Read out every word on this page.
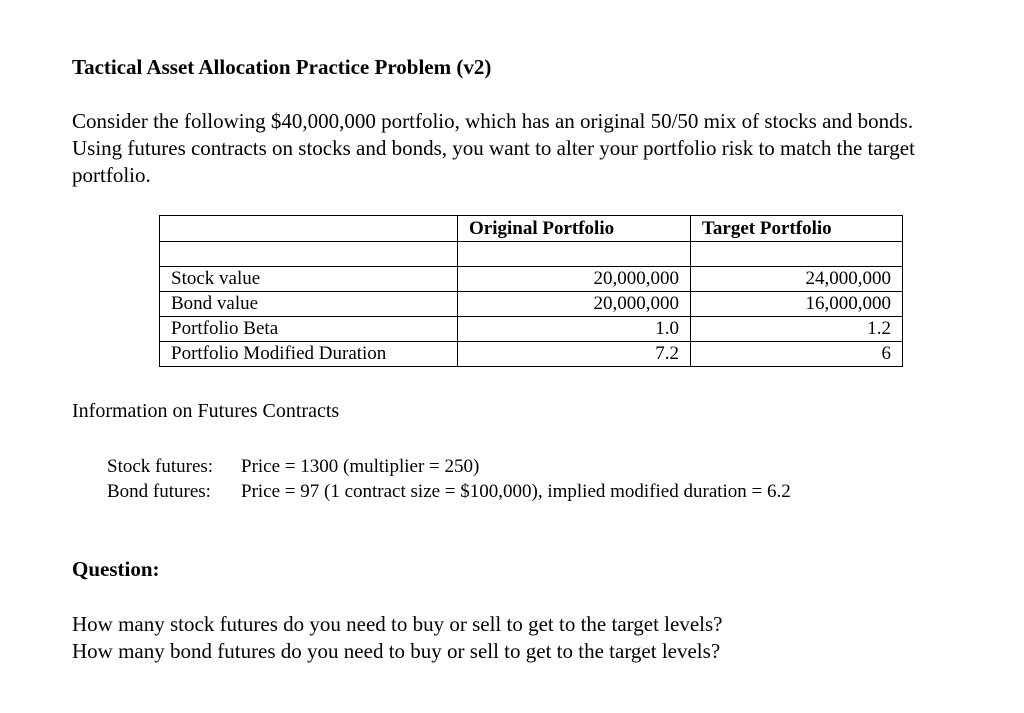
Tactical Asset Allocation Practice Problem (v2)
Consider the following $40,000,000 portfolio, which has an original 50/50 mix of stocks and bonds. Using futures contracts on stocks and bonds, you want to alter your portfolio risk to match the target portfolio.
	Original Portfolio	Target Portfolio

Stock value	20,000,000	24,000,000
Bond value	20,000,000	16,000,000
Portfolio Beta	1.0	1.2
Portfolio Modified Duration	7.2	6
Information on Futures Contracts
Stock futures:	Price = 1300 (multiplier = 250)
Bond futures:	Price = 97 (1 contract size = $100,000), implied modified duration = 6.2
Question:
How many stock futures do you need to buy or sell to get to the target levels?
How many bond futures do you need to buy or sell to get to the target levels?
